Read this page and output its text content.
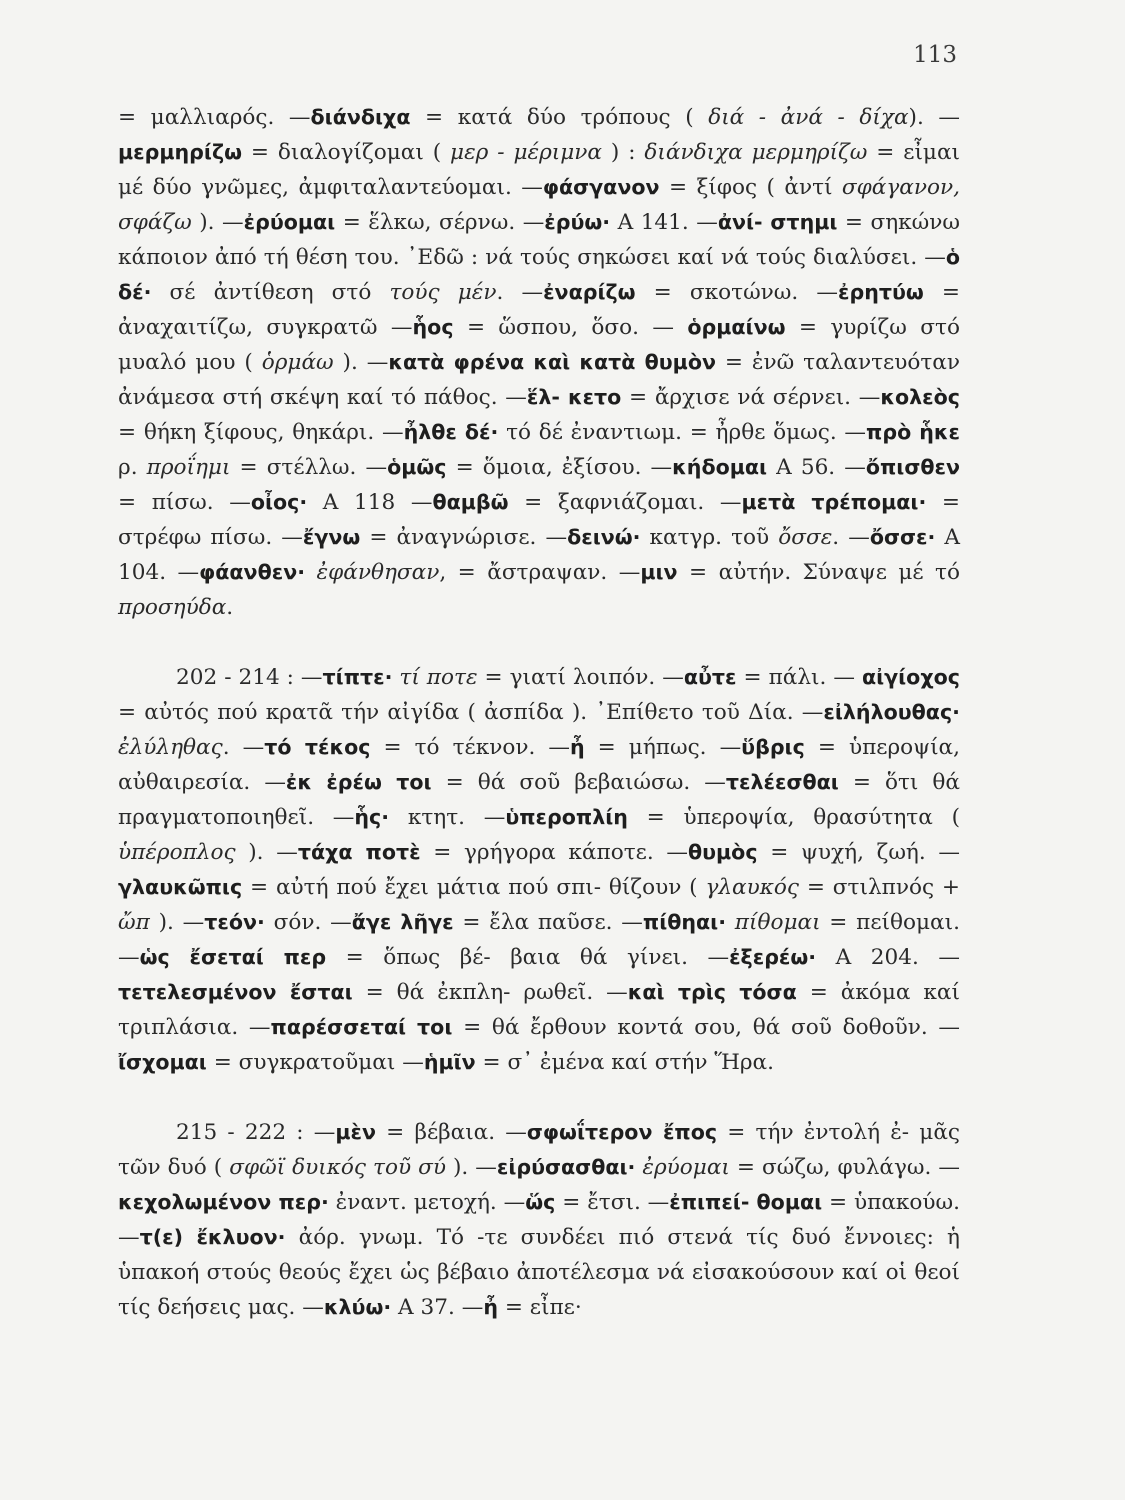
113

= μαλλιαρός. —διάνδιχα = κατά δύο τρόπους ( διά - ἀνά - δίχα). — μερμηρίζω = διαλογίζομαι ( μερ - μέριμνα ) : διάνδιχα μερμηρίζω = εἶμαι μέ δύο γνῶμες, ἀμφιταλαντεύομαι. —φάσγανον = ξίφος ( ἀντί σφάγανον, σφάζω ). —ἐρύομαι = ἕλκω, σέρνω. —ἐρύω· Α 141. —ἀνί- στημι = σηκώνω κάποιον ἀπό τή θέση του. ᾿Εδῶ : νά τούς σηκώσει καί νά τούς διαλύσει. —ὁ δέ· σέ ἀντίθεση στό τούς μέν. —ἐναρίζω = σκοτώνω. —ἐρητύω = ἀναχαιτίζω, συγκρατῶ —ἧος = ὥσπου, ὅσο. — ὁρμαίνω = γυρίζω στό μυαλό μου ( ὁρμάω ). —κατὰ φρένα καὶ κατὰ θυμὸν = ἐνῶ ταλαντευόταν ἀνάμεσα στή σκέψη καί τό πάθος. —ἕλ- κετο = ἄρχισε νά σέρνει. —κολεὸς = θήκη ξίφους, θηκάρι. —ἦλθε δέ· τό δέ ἐναντιωμ. = ἦρθε ὅμως. —πρὸ ἧκε ρ. προΐημι = στέλλω. —ὁμῶς = ὅμοια, ἐξίσου. —κήδομαι Α 56. —ὄπισθεν = πίσω. —οἶος· Α 118 —θαμβῶ = ξαφνιάζομαι. —μετὰ τρέπομαι· = στρέφω πίσω. —ἔγνω = ἀναγνώρισε. —δεινώ· κατγρ. τοῦ ὄσσε. —ὄσσε· Α 104. —φάανθεν· ἐφάνθησαν, = ἄστραψαν. —μιν = αὐτήν. Σύναψε μέ τό προσηύδα.

202 - 214 : —τίπτε· τί ποτε = γιατί λοιπόν. —αὖτε = πάλι. — αἰγίοχος = αὐτός πού κρατᾶ τήν αἰγίδα ( ἀσπίδα ). ᾿Επίθετο τοῦ Δία. —εἰλήλουθας· ἐλύληθας. —τό τέκος = τό τέκνον. —ἦ = μήπως. —ὕβρις = ὑπεροψία, αὐθαιρεσία. —ἐκ ἐρέω τοι = θά σοῦ βεβαιώσω. —τελέεσθαι = ὅτι θά πραγματοποιηθεῖ. —ἧς· κτητ. —ὑπεροπλίη = ὑπεροψία, θρασύτητα ( ὑπέροπλος ). —τάχα ποτὲ = γρήγορα κάποτε. —θυμὸς = ψυχή, ζωή. —γλαυκῶπις = αὐτή πού ἔχει μάτια πού σπι- θίζουν ( γλαυκός = στιλπνός + ὤπ ). —τεόν· σόν. —ἄγε λῆγε = ἔλα παῦσε. —πίθηαι· πίθομαι = πείθομαι. —ὡς ἔσεταί περ = ὅπως βέ- βαια θά γίνει. —ἐξερέω· Α 204. —τετελεσμένον ἔσται = θά ἐκπλη- ρωθεῖ. —καὶ τρὶς τόσα = ἀκόμα καί τριπλάσια. —παρέσσεταί τοι = θά ἔρθουν κοντά σου, θά σοῦ δοθοῦν. —ἴσχομαι = συγκρατοῦμαι —ἡμῖν = σ᾿ ἐμένα καί στήν Ἥρα.

215 - 222 : —μὲν = βέβαια. —σφωΐτερον ἔπος = τήν ἐντολή ἐ- μᾶς τῶν δυό ( σφῶϊ δυικός τοῦ σύ ). —εἰρύσασθαι· ἐρύομαι = σώζω, φυλάγω. —κεχολωμένον περ· ἐναντ. μετοχή. —ὥς = ἔτσι. —ἐπιπεί- θομαι = ὑπακούω. —τ(ε) ἔκλυον· ἀόρ. γνωμ. Τό -τε συνδέει πιό στενά τίς δυό ἔννοιες: ἡ ὑπακοή στούς θεούς ἔχει ὡς βέβαιο ἀποτέλεσμα νά εἰσακούσουν καί οἱ θεοί τίς δεήσεις μας. —κλύω· Α 37. —ἦ = εἶπε·
